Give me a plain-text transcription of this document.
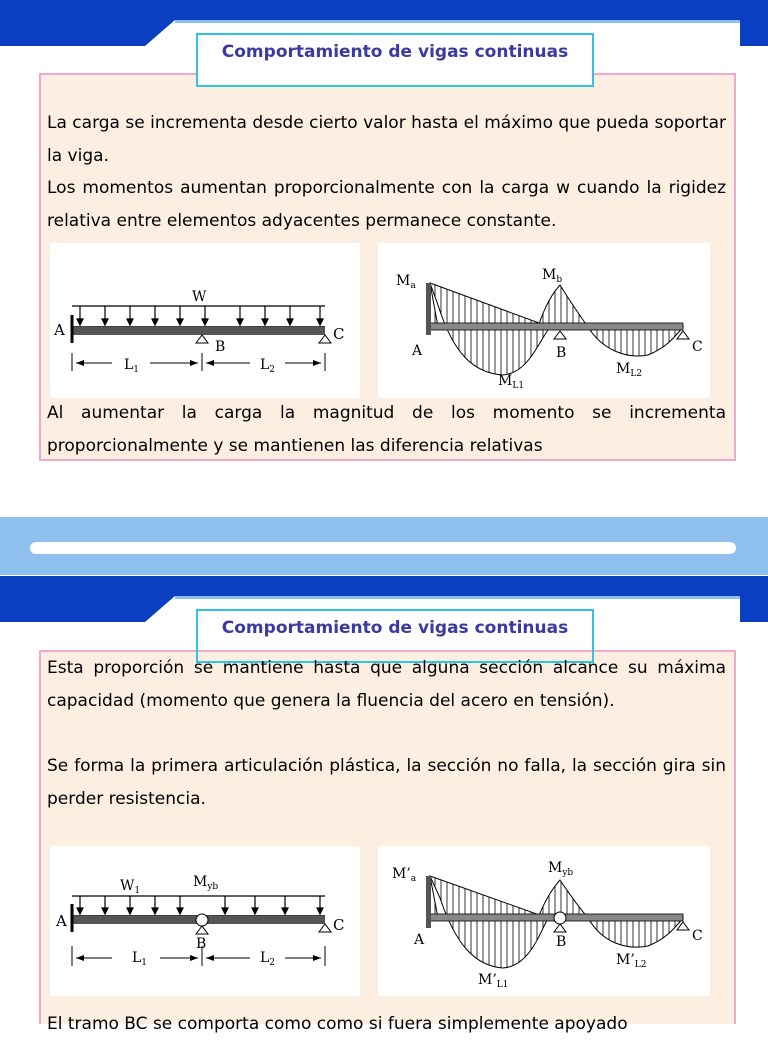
Comportamiento de vigas continuas

La carga se incrementa desde cierto valor hasta el máximo que pueda soportar la viga.

Los momentos aumentan proporcionalmente con la carga w cuando la rigidez relativa entre elementos adyacentes permanece constante.

W
A
B
C
$L_1$	$L_2$
$M_a$
$M_b$
$M_{L1}$
$M_{L2}$
A	B	C

Al aumentar la carga la magnitud de los momento se incrementa proporcionalmente y se mantienen las diferencia relativas

Comportamiento de vigas continuas

Esta proporción se mantiene hasta que alguna sección alcance su máxima capacidad (momento que genera la fluencia del acero en tensión).

Se forma la primera articulación plástica, la sección no falla, la sección gira sin perder resistencia.

$W_1$
$M_{yb}$
A
B
C
$L_1$	$L_2$
$M’_a$
$M_{yb}$
$M’_{L1}$
$M’_{L2}$
A	B	C

El tramo BC se comporta como como si fuera simplemente apoyado
